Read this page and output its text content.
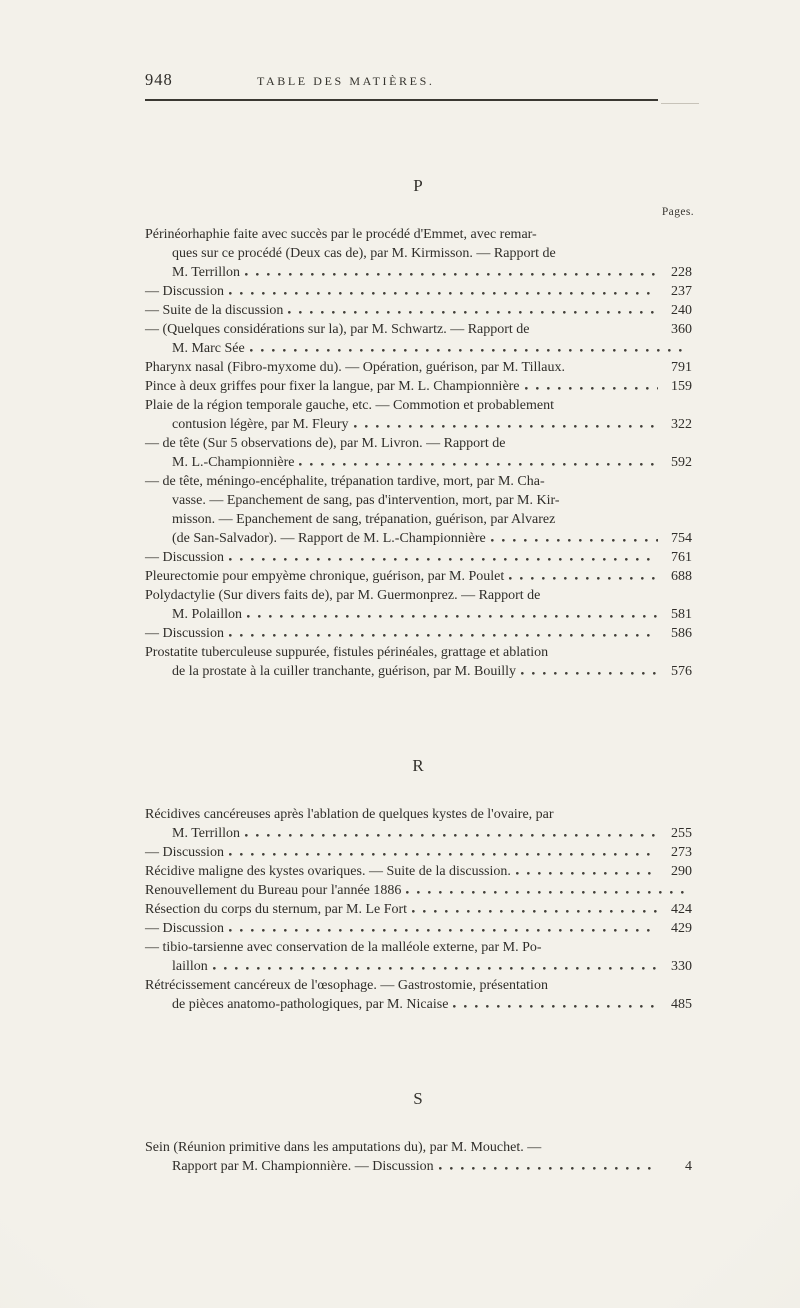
948	TABLE DES MATIÈRES.
P
Pages.
Périnéorhaphie faite avec succès par le procédé d'Emmet, avec remar-
ques sur ce procédé (Deux cas de), par M. Kirmisson. — Rapport de
M. Terrillon	228
— Discussion	237
— Suite de la discussion	240
— (Quelques considérations sur la), par M. Schwartz. — Rapport de	360
M. Marc Sée
Pharynx nasal (Fibro-myxome du). — Opération, guérison, par M. Tillaux.	791
Pince à deux griffes pour fixer la langue, par M. L. Championnière	159
Plaie de la région temporale gauche, etc. — Commotion et probablement
contusion légère, par M. Fleury	322
— de tête (Sur 5 observations de), par M. Livron. — Rapport de
M. L.-Championnière	592
— de tête, méningo-encéphalite, trépanation tardive, mort, par M. Cha-
vasse. — Epanchement de sang, pas d'intervention, mort, par M. Kir-
misson. — Epanchement de sang, trépanation, guérison, par Alvarez
(de San-Salvador). — Rapport de M. L.-Championnière	754
— Discussion	761
Pleurectomie pour empyème chronique, guérison, par M. Poulet	688
Polydactylie (Sur divers faits de), par M. Guermonprez. — Rapport de
M. Polaillon	581
— Discussion	586
Prostatite tuberculeuse suppurée, fistules périnéales, grattage et ablation
de la prostate à la cuiller tranchante, guérison, par M. Bouilly	576
R
Récidives cancéreuses après l'ablation de quelques kystes de l'ovaire, par
M. Terrillon	255
— Discussion	273
Récidive maligne des kystes ovariques. — Suite de la discussion.	290
Renouvellement du Bureau pour l'année 1886
Résection du corps du sternum, par M. Le Fort	424
— Discussion	429
— tibio-tarsienne avec conservation de la malléole externe, par M. Po-
laillon	330
Rétrécissement cancéreux de l'œsophage. — Gastrostomie, présentation
de pièces anatomo-pathologiques, par M. Nicaise	485
S
Sein (Réunion primitive dans les amputations du), par M. Mouchet. —
Rapport par M. Championnière. — Discussion	4
